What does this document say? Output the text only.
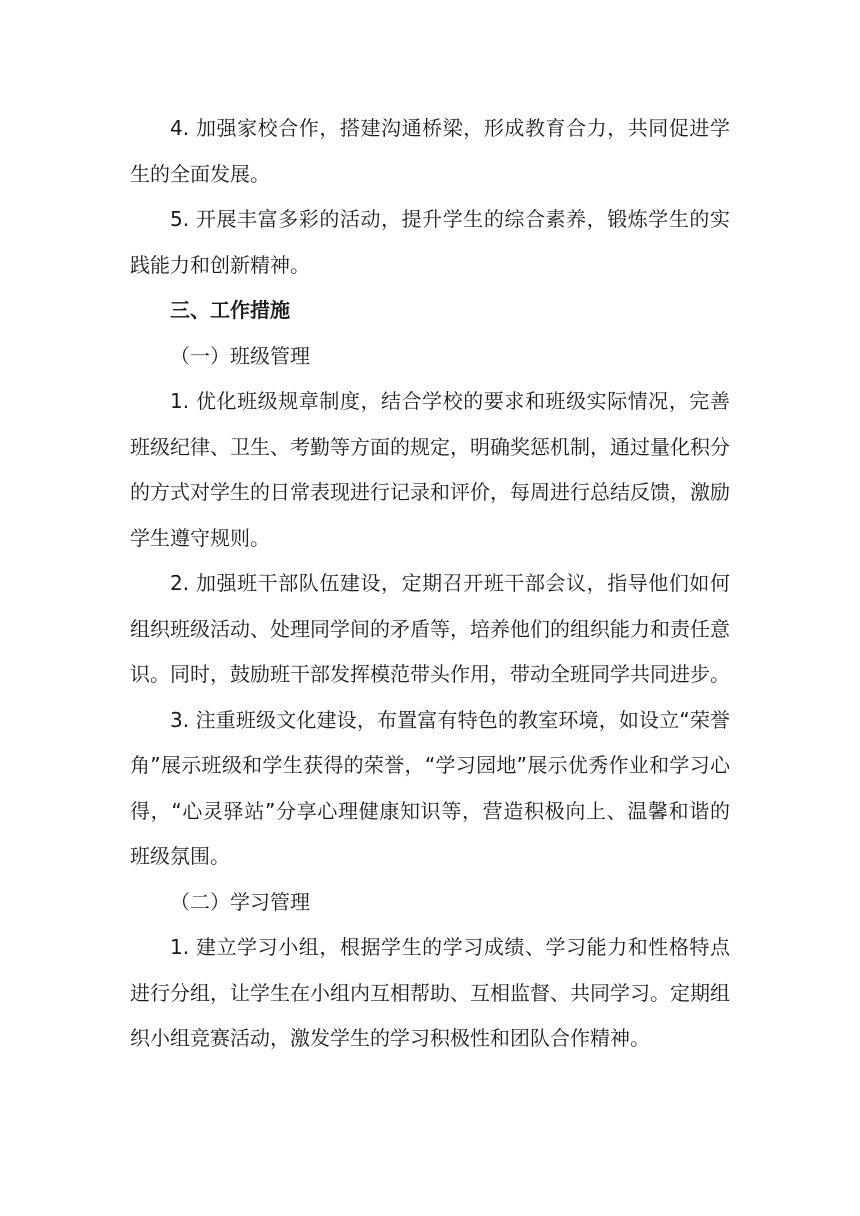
4. 加强家校合作，搭建沟通桥梁，形成教育合力，共同促进学生的全面发展。

5. 开展丰富多彩的活动，提升学生的综合素养，锻炼学生的实践能力和创新精神。

三、工作措施

（一）班级管理

1. 优化班级规章制度，结合学校的要求和班级实际情况，完善班级纪律、卫生、考勤等方面的规定，明确奖惩机制，通过量化积分的方式对学生的日常表现进行记录和评价，每周进行总结反馈，激励学生遵守规则。

2. 加强班干部队伍建设，定期召开班干部会议，指导他们如何组织班级活动、处理同学间的矛盾等，培养他们的组织能力和责任意识。同时，鼓励班干部发挥模范带头作用，带动全班同学共同进步。

3. 注重班级文化建设，布置富有特色的教室环境，如设立“荣誉角”展示班级和学生获得的荣誉，“学习园地”展示优秀作业和学习心得，“心灵驿站”分享心理健康知识等，营造积极向上、温馨和谐的班级氛围。

（二）学习管理

1. 建立学习小组，根据学生的学习成绩、学习能力和性格特点进行分组，让学生在小组内互相帮助、互相监督、共同学习。定期组织小组竞赛活动，激发学生的学习积极性和团队合作精神。
